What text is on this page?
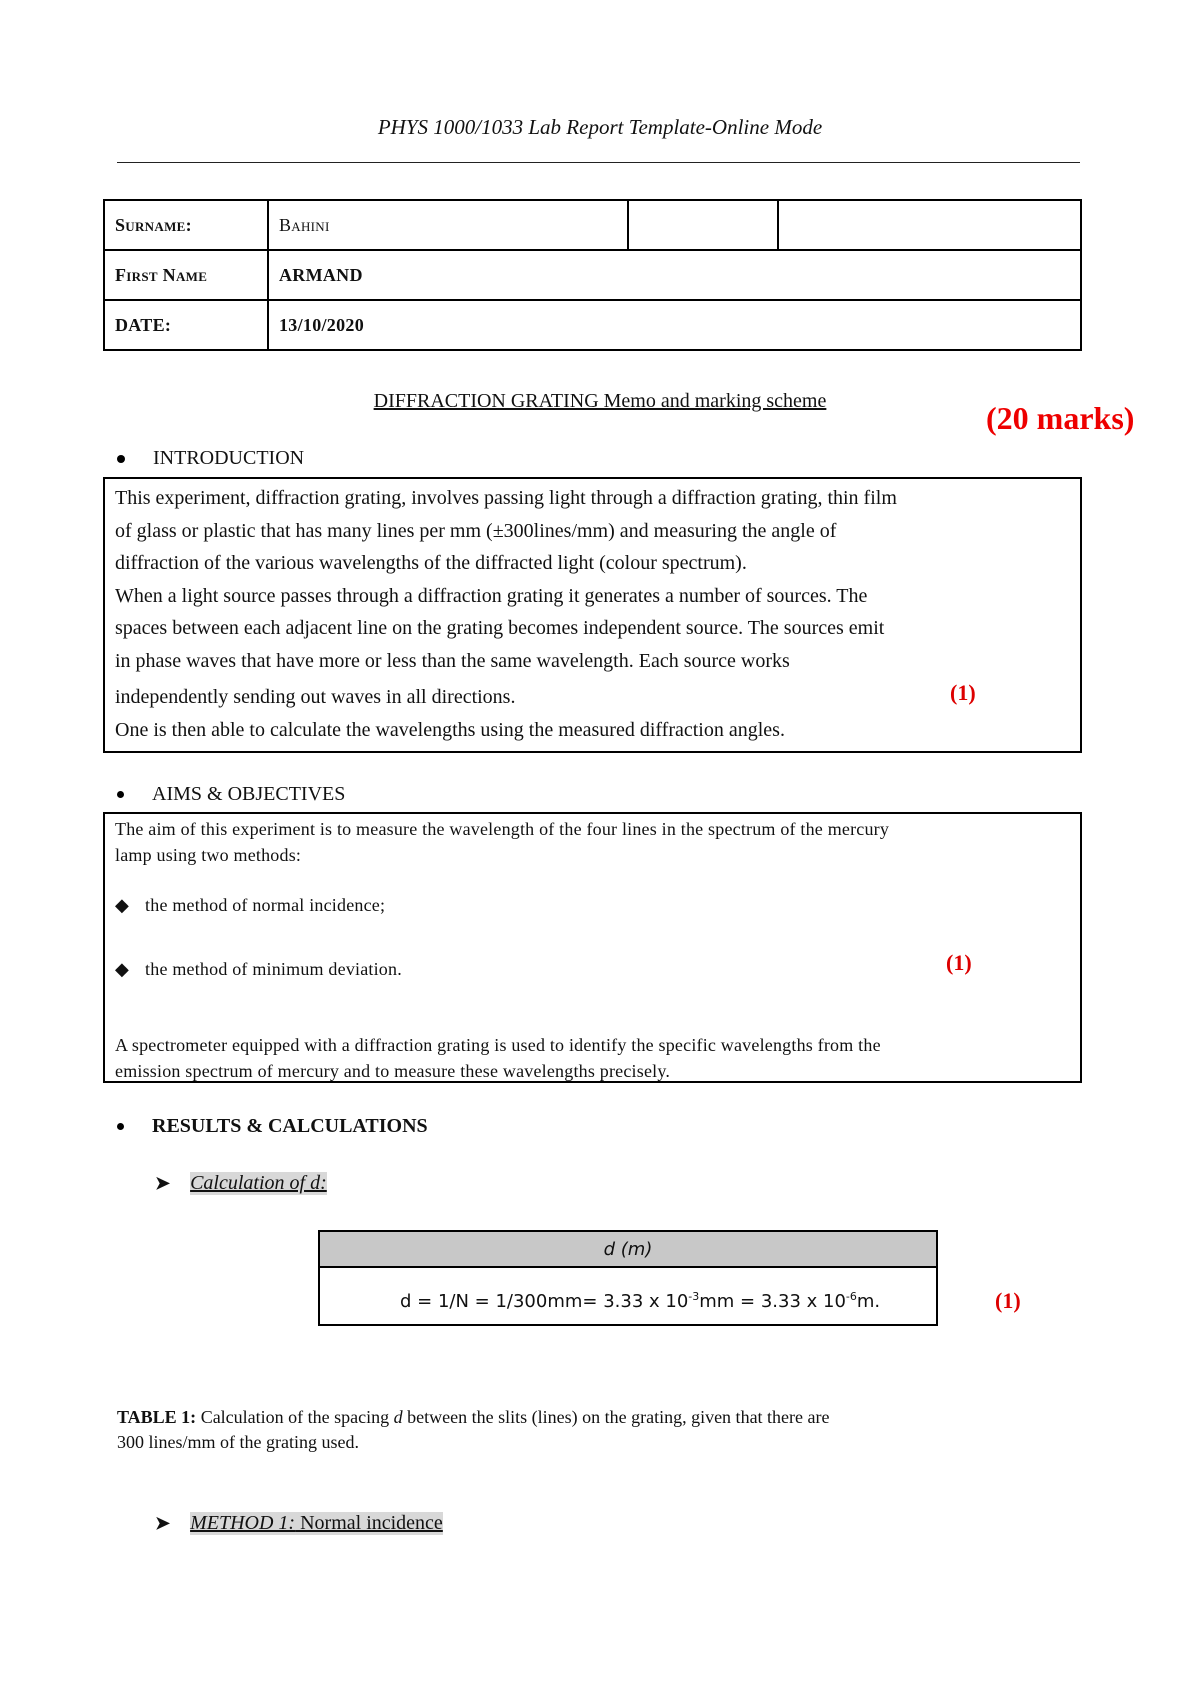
PHYS 1000/1033 Lab Report Template-Online Mode
Surname:	Bahini		
First Name	ARMAND		
DATE:	13/10/2020		
DIFFRACTION GRATING Memo and marking scheme	(20 marks)
INTRODUCTION
This experiment, diffraction grating, involves passing light through a diffraction grating, thin film
of glass or plastic that has many lines per mm (±300lines/mm) and measuring the angle of
diffraction of the various wavelengths of the diffracted light (colour spectrum).
When a light source passes through a diffraction grating it generates a number of sources. The
spaces between each adjacent line on the grating becomes independent source. The sources emit
in phase waves that have more or less than the same wavelength. Each source works
independently sending out waves in all directions.
One is then able to calculate the wavelengths using the measured diffraction angles.
(1)
AIMS & OBJECTIVES
The aim of this experiment is to measure the wavelength of the four lines in the spectrum of the mercury
lamp using two methods:
◆ the method of normal incidence;
◆ the method of minimum deviation.
A spectrometer equipped with a diffraction grating is used to identify the specific wavelengths from the
emission spectrum of mercury and to measure these wavelengths precisely.
(1)
RESULTS & CALCULATIONS
➤ Calculation of d:
d (m)
d = 1/N = 1/300mm= 3.33 x $10^{-3}mm = 3.33$ x $10^{-6}m$.	(1)
TABLE 1: Calculation of the spacing d between the slits (lines) on the grating, given that there are
300 lines/mm of the grating used.
➤ METHOD 1: Normal incidence
